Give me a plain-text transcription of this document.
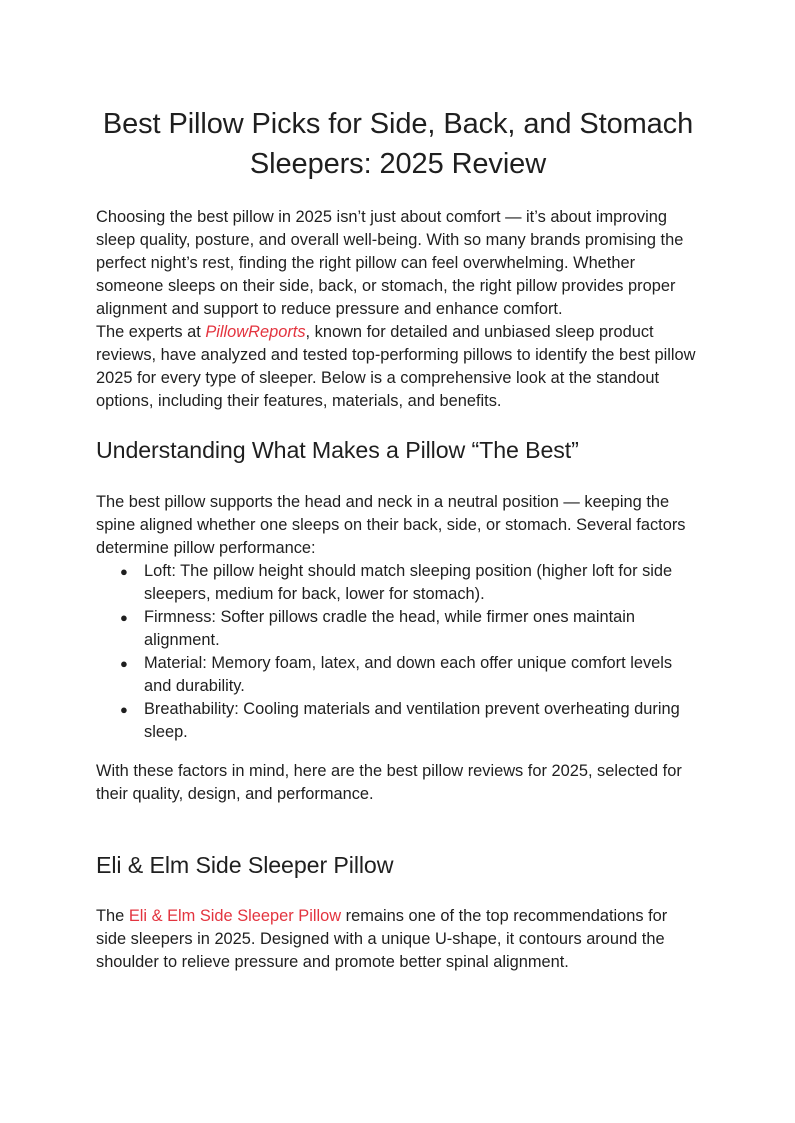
Best Pillow Picks for Side, Back, and Stomach Sleepers: 2025 Review

Choosing the best pillow in 2025 isn’t just about comfort — it’s about improving sleep quality, posture, and overall well-being. With so many brands promising the perfect night’s rest, finding the right pillow can feel overwhelming. Whether someone sleeps on their side, back, or stomach, the right pillow provides proper alignment and support to reduce pressure and enhance comfort.

The experts at PillowReports, known for detailed and unbiased sleep product reviews, have analyzed and tested top-performing pillows to identify the best pillow 2025 for every type of sleeper. Below is a comprehensive look at the standout options, including their features, materials, and benefits.

Understanding What Makes a Pillow “The Best”

The best pillow supports the head and neck in a neutral position — keeping the spine aligned whether one sleeps on their back, side, or stomach. Several factors determine pillow performance:

● Loft: The pillow height should match sleeping position (higher loft for side sleepers, medium for back, lower for stomach).
● Firmness: Softer pillows cradle the head, while firmer ones maintain alignment.
● Material: Memory foam, latex, and down each offer unique comfort levels and durability.
● Breathability: Cooling materials and ventilation prevent overheating during sleep.

With these factors in mind, here are the best pillow reviews for 2025, selected for their quality, design, and performance.

Eli & Elm Side Sleeper Pillow

The Eli & Elm Side Sleeper Pillow remains one of the top recommendations for side sleepers in 2025. Designed with a unique U-shape, it contours around the shoulder to relieve pressure and promote better spinal alignment.
